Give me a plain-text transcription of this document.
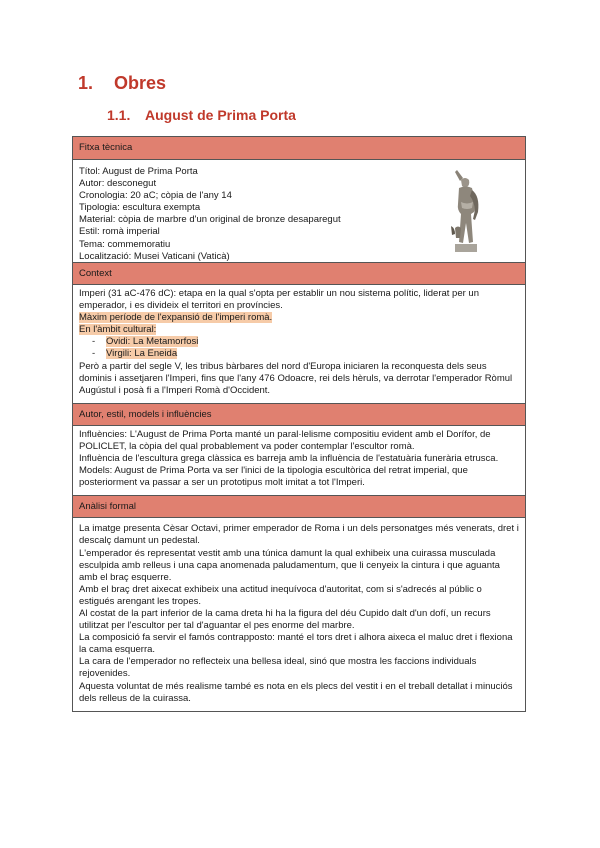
1. Obres
1.1. August de Prima Porta
Fitxa tècnica

Títol: August de Prima Porta

Autor: desconegut

Cronologia: 20 aC; còpia de l'any 14

Tipologia: escultura exempta

Material: còpia de marbre d'un original de bronze desaparegut

Estil: romà imperial

Tema: commemoratiu

Localització: Musei Vaticani (Vaticà)

Context

Imperi (31 aC-476 dC): etapa en la qual s'opta per establir un nou sistema polític, liderat per un emperador, i es divideix el territori en províncies.

Màxim període de l'expansió de l'imperi romà.

En l'àmbit cultural:

- Ovidi: La Metamorfosi

- Virgili: La Eneida

Però a partir del segle V, les tribus bàrbares del nord d'Europa iniciaren la reconquesta dels seus dominis i assetjaren l'Imperi, fins que l'any 476 Odoacre, rei dels hèruls, va derrotar l'emperador Ròmul Augústul i posà fi a l'Imperi Romà d'Occident.

Autor, estil, models i influències

Influències: L'August de Prima Porta manté un paral·lelisme compositiu evident amb el Dorífor, de POLICLET, la còpia del qual probablement va poder contemplar l'escultor romà.

Influència de l'escultura grega clàssica es barreja amb la influència de l'estatuària funerària etrusca.

Models: August de Prima Porta va ser l'inici de la tipologia escultòrica del retrat imperial, que posteriorment va passar a ser un prototipus molt imitat a tot l'Imperi.

Anàlisi formal

La imatge presenta Cèsar Octavi, primer emperador de Roma i un dels personatges més venerats, dret i descalç damunt un pedestal.

L'emperador és representat vestit amb una túnica damunt la qual exhibeix una cuirassa musculada esculpida amb relleus i una capa anomenada paludamentum, que li cenyeix la cintura i que aguanta amb el braç esquerre.

Amb el braç dret aixecat exhibeix una actitud inequívoca d'autoritat, com si s'adrecés al públic o estigués arengant les tropes.

Al costat de la part inferior de la cama dreta hi ha la figura del déu Cupido dalt d'un dofí, un recurs utilitzat per l'escultor per tal d'aguantar el pes enorme del marbre.

La composició fa servir el famós contrapposto: manté el tors dret i alhora aixeca el maluc dret i flexiona la cama esquerra.

La cara de l'emperador no reflecteix una bellesa ideal, sinó que mostra les faccions individuals rejovenides.

Aquesta voluntat de més realisme també es nota en els plecs del vestit i en el treball detallat i minuciós dels relleus de la cuirassa.
